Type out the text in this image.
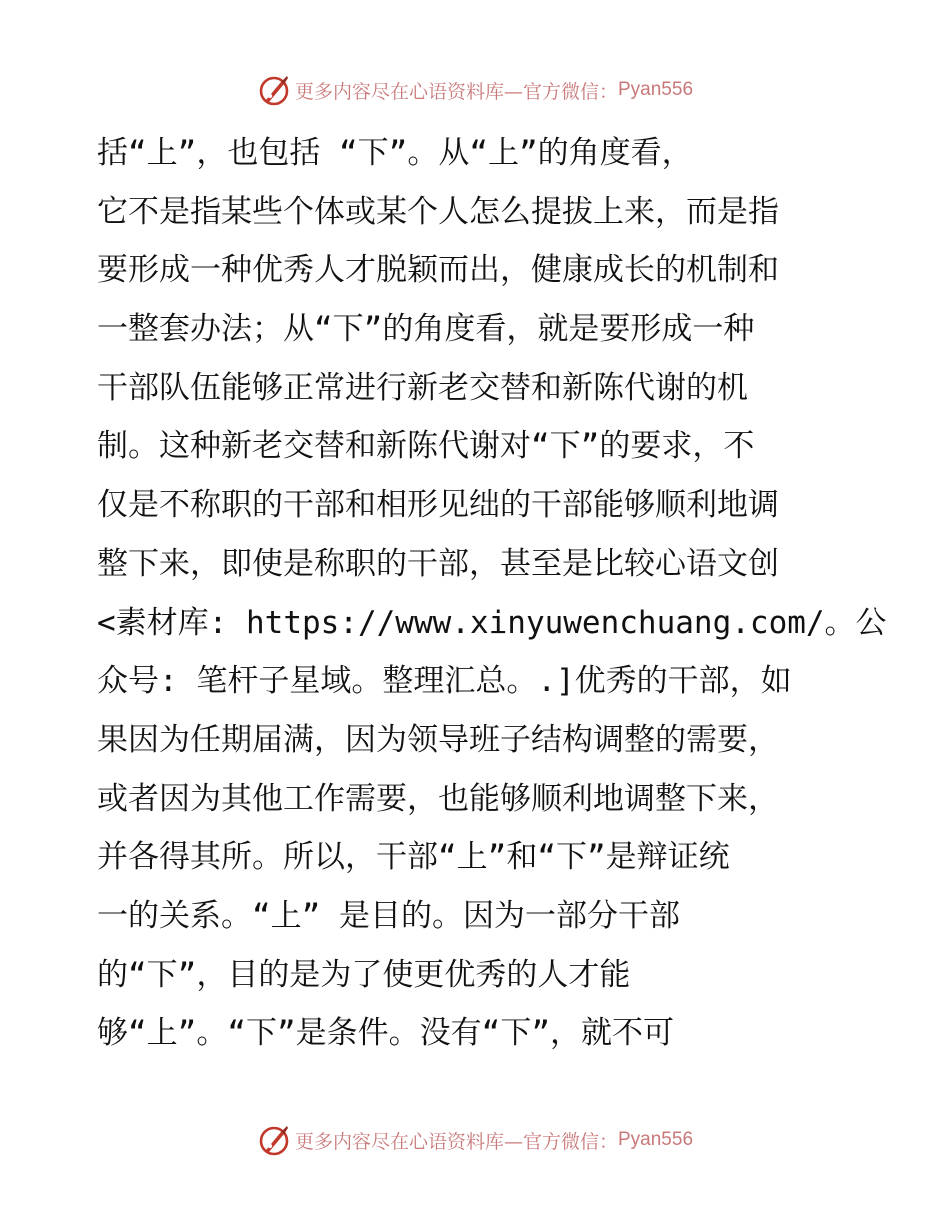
更多内容尽在心语资料库—官方微信： Pyan556
括“上”，也包括 “下”。从“上”的角度看，
它不是指某些个体或某个人怎么提拔上来，而是指
要形成一种优秀人才脱颖而出，健康成长的机制和
一整套办法；从“下”的角度看，就是要形成一种
干部队伍能够正常进行新老交替和新陈代谢的机
制。这种新老交替和新陈代谢对“下”的要求，不
仅是不称职的干部和相形见绌的干部能够顺利地调
整下来，即使是称职的干部，甚至是比较心语文创
<素材库: https://www.xinyuwenchuang.com/。公
众号: 笔杆子星域。整理汇总。.]优秀的干部，如
果因为任期届满，因为领导班子结构调整的需要，
或者因为其他工作需要，也能够顺利地调整下来，
并各得其所。所以，干部“上”和“下”是辩证统
一的关系。“上” 是目的。因为一部分干部
的“下”，目的是为了使更优秀的人才能
够“上”。“下”是条件。没有“下”，就不可
更多内容尽在心语资料库—官方微信： Pyan556
